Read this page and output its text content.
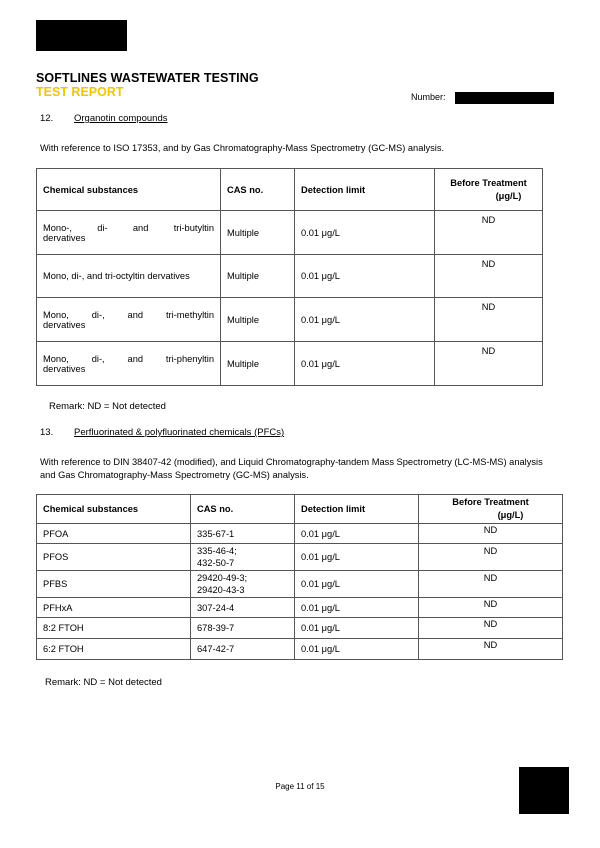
SOFTLINES WASTEWATER TESTING
TEST REPORT	Number:
12. Organotin compounds
With reference to ISO 17353, and by Gas Chromatography-Mass Spectrometry (GC-MS) analysis.
Chemical substances	CAS no.	Detection limit	Before Treatment
(μg/L)

Mono-, di- and tri-butyltin
dervatives	Multiple	0.01 μg/L	ND
Mono, di-, and tri-octyltin dervatives	Multiple	0.01 μg/L	ND

Mono, di-, and tri-methyltin
dervatives	Multiple	0.01 μg/L	ND

Mono, di-, and tri-phenyltin
dervatives	Multiple	0.01 μg/L	ND
Remark: ND = Not detected
13. Perfluorinated & polyfluorinated chemicals (PFCs)
With reference to DIN 38407-42 (modified), and Liquid Chromatography-tandem Mass Spectrometry (LC-MS-MS) analysis and Gas Chromatography-Mass Spectrometry (GC-MS) analysis.
Chemical substances	CAS no.	Detection limit	Before Treatment
(μg/L)

PFOA	335-67-1	0.01 μg/L	ND
PFOS	335-46-4;
432-50-7	0.01 μg/L	ND
PFBS	29420-49-3;
29420-43-3	0.01 μg/L	ND
PFHxA	307-24-4	0.01 μg/L	ND
8:2 FTOH	678-39-7	0.01 μg/L	ND
6:2 FTOH	647-42-7	0.01 μg/L	ND
Remark: ND = Not detected
Page 11 of 15
